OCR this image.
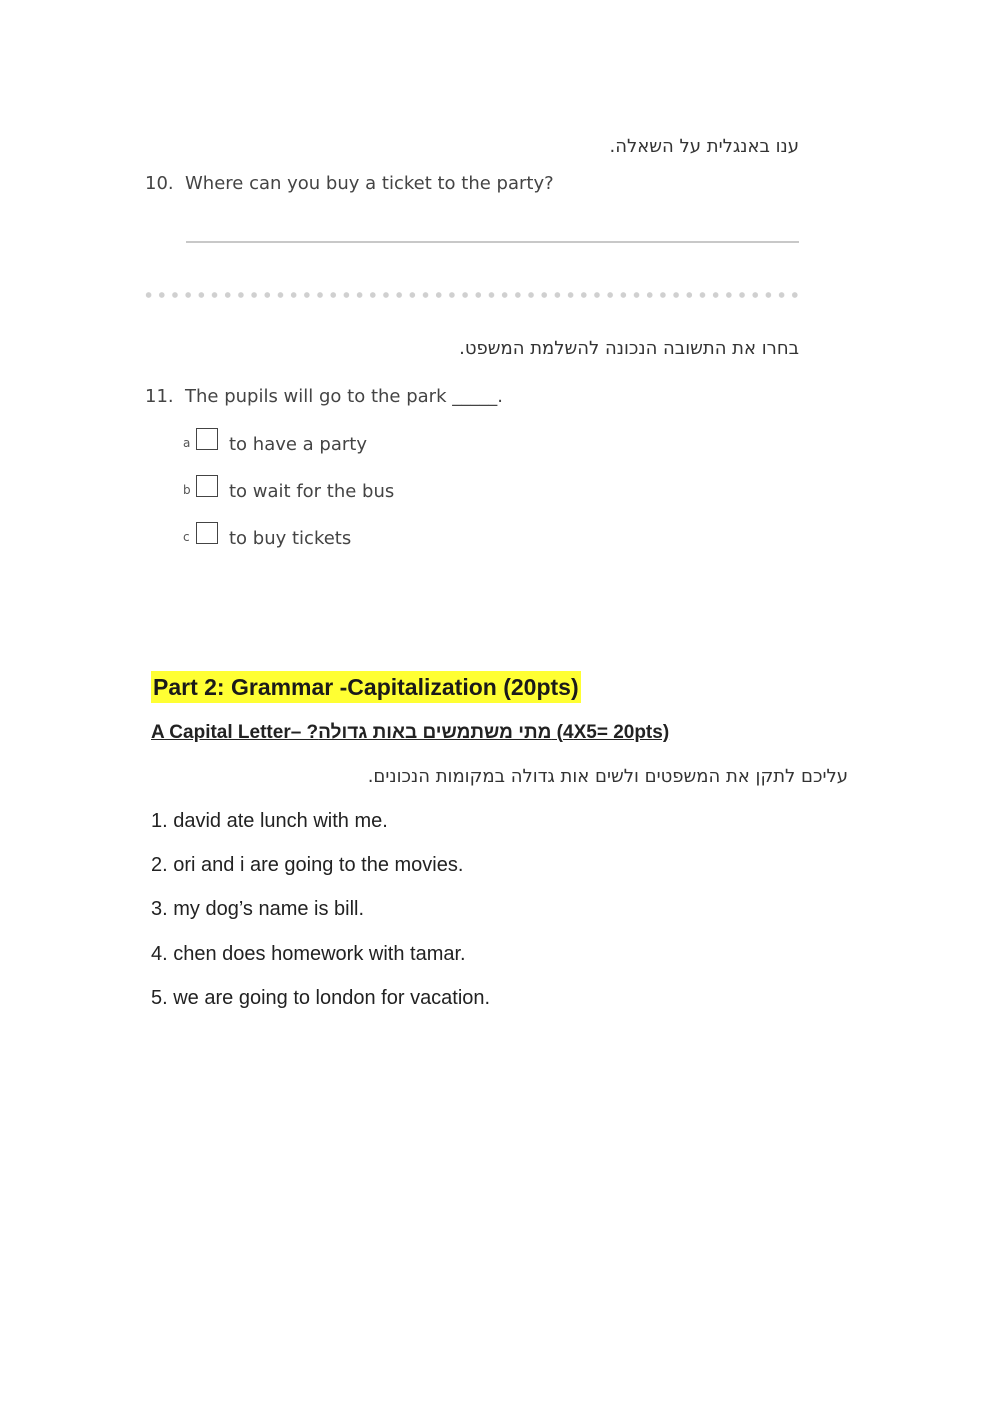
ענו באנגלית על השאלה.
10. Where can you buy a ticket to the party?
בחרו את התשובה הנכונה להשלמת המשפט.
11. The pupils will go to the park _____.
a to have a party
b to wait for the bus
c to buy tickets
Part 2: Grammar -Capitalization (20pts)
A Capital Letter– ?מתי משתמשים באות גדולה (4X5= 20pts)
עליכם לתקן את המשפטים ולשים אות גדולה במקומות הנכונים.
1. david ate lunch with me.
2. ori and i are going to the movies.
3. my dog’s name is bill.
4. chen does homework with tamar.
5. we are going to london for vacation.
